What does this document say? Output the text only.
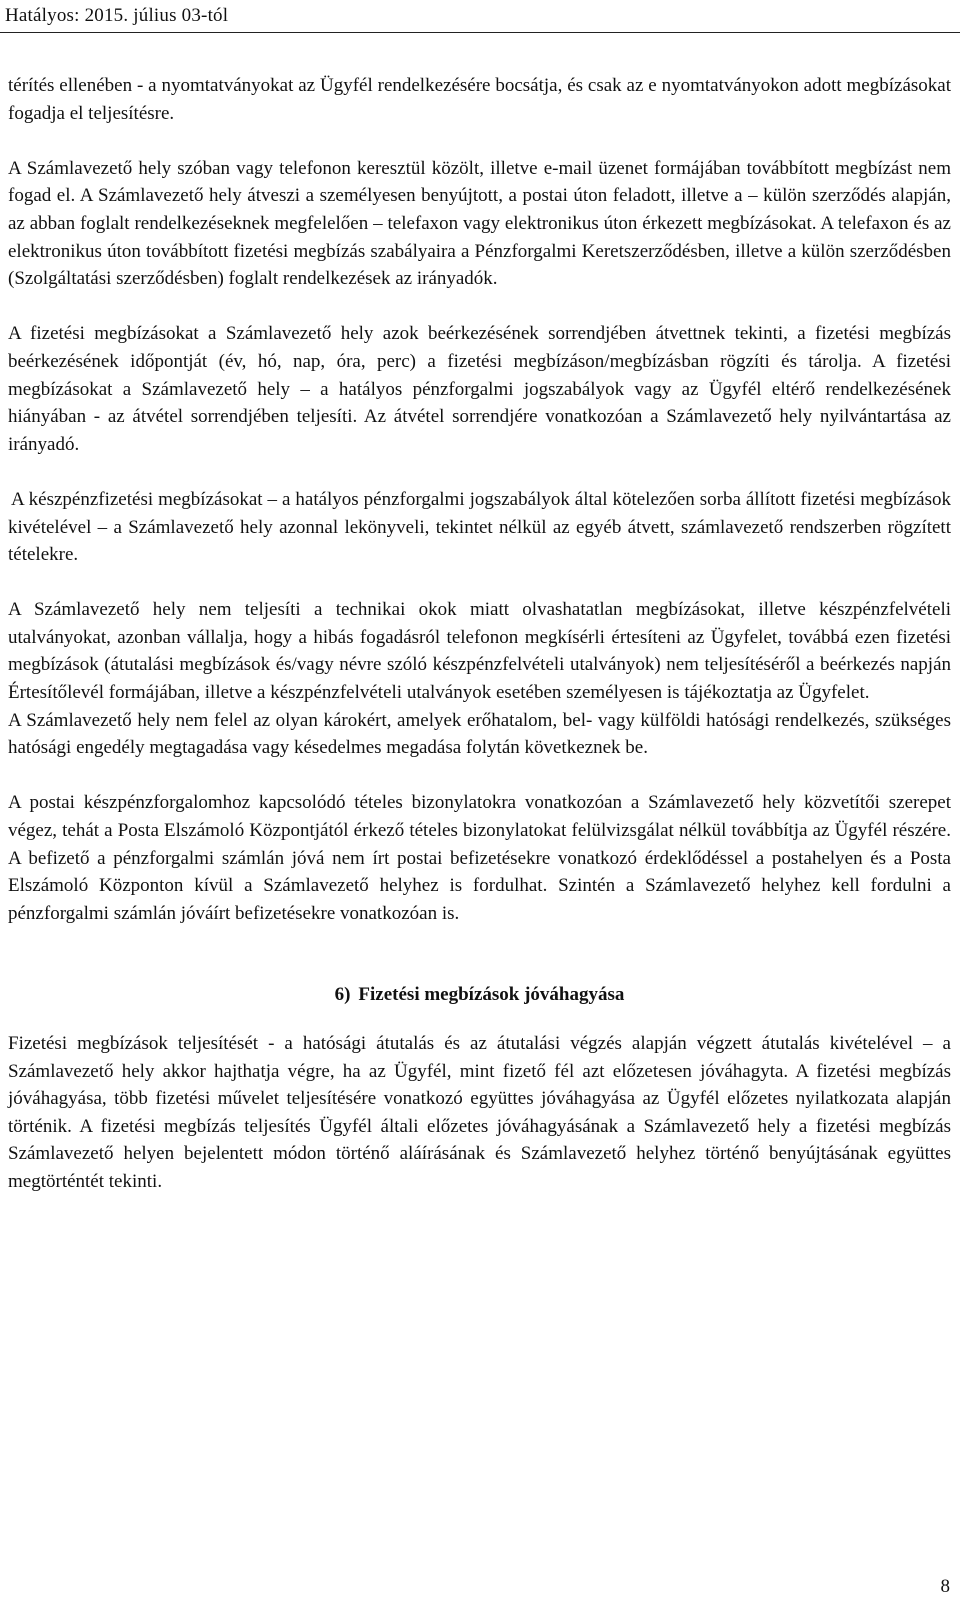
Hatályos: 2015. július 03-tól

térítés ellenében - a nyomtatványokat az Ügyfél rendelkezésére bocsátja, és csak az e nyomtatványokon adott megbízásokat fogadja el teljesítésre.

A Számlavezető hely szóban vagy telefonon keresztül közölt, illetve e-mail üzenet formájában továbbított megbízást nem fogad el. A Számlavezető hely átveszi a személyesen benyújtott, a postai úton feladott, illetve a – külön szerződés alapján, az abban foglalt rendelkezéseknek megfelelően – telefaxon vagy elektronikus úton érkezett megbízásokat. A telefaxon és az elektronikus úton továbbított fizetési megbízás szabályaira a Pénzforgalmi Keretszerződésben, illetve a külön szerződésben (Szolgáltatási szerződésben) foglalt rendelkezések az irányadók.

A fizetési megbízásokat a Számlavezető hely azok beérkezésének sorrendjében átvettnek tekinti, a fizetési megbízás beérkezésének időpontját (év, hó, nap, óra, perc) a fizetési megbízáson/megbízásban rögzíti és tárolja. A fizetési megbízásokat a Számlavezető hely – a hatályos pénzforgalmi jogszabályok vagy az Ügyfél eltérő rendelkezésének hiányában - az átvétel sorrendjében teljesíti. Az átvétel sorrendjére vonatkozóan a Számlavezető hely nyilvántartása az irányadó.

A készpénzfizetési megbízásokat – a hatályos pénzforgalmi jogszabályok által kötelezően sorba állított fizetési megbízások kivételével – a Számlavezető hely azonnal lekönyveli, tekintet nélkül az egyéb átvett, számlavezető rendszerben rögzített tételekre.

A Számlavezető hely nem teljesíti a technikai okok miatt olvashatatlan megbízásokat, illetve készpénzfelvételi utalványokat, azonban vállalja, hogy a hibás fogadásról telefonon megkísérli értesíteni az Ügyfelet, továbbá ezen fizetési megbízások (átutalási megbízások és/vagy névre szóló készpénzfelvételi utalványok) nem teljesítéséről a beérkezés napján Értesítőlevél formájában, illetve a készpénzfelvételi utalványok esetében személyesen is tájékoztatja az Ügyfelet.

A Számlavezető hely nem felel az olyan károkért, amelyek erőhatalom, bel- vagy külföldi hatósági rendelkezés, szükséges hatósági engedély megtagadása vagy késedelmes megadása folytán következnek be.

A postai készpénzforgalomhoz kapcsolódó tételes bizonylatokra vonatkozóan a Számlavezető hely közvetítői szerepet végez, tehát a Posta Elszámoló Központjától érkező tételes bizonylatokat felülvizsgálat nélkül továbbítja az Ügyfél részére. A befizető a pénzforgalmi számlán jóvá nem írt postai befizetésekre vonatkozó érdeklődéssel a postahelyen és a Posta Elszámoló Központon kívül a Számlavezető helyhez is fordulhat. Szintén a Számlavezető helyhez kell fordulni a pénzforgalmi számlán jóváírt befizetésekre vonatkozóan is.

6) Fizetési megbízások jóváhagyása

Fizetési megbízások teljesítését - a hatósági átutalás és az átutalási végzés alapján végzett átutalás kivételével – a Számlavezető hely akkor hajthatja végre, ha az Ügyfél, mint fizető fél azt előzetesen jóváhagyta. A fizetési megbízás jóváhagyása, több fizetési művelet teljesítésére vonatkozó együttes jóváhagyása az Ügyfél előzetes nyilatkozata alapján történik. A fizetési megbízás teljesítés Ügyfél általi előzetes jóváhagyásának a Számlavezető hely a fizetési megbízás Számlavezető helyen bejelentett módon történő aláírásának és Számlavezető helyhez történő benyújtásának együttes megtörténtét tekinti.

8
